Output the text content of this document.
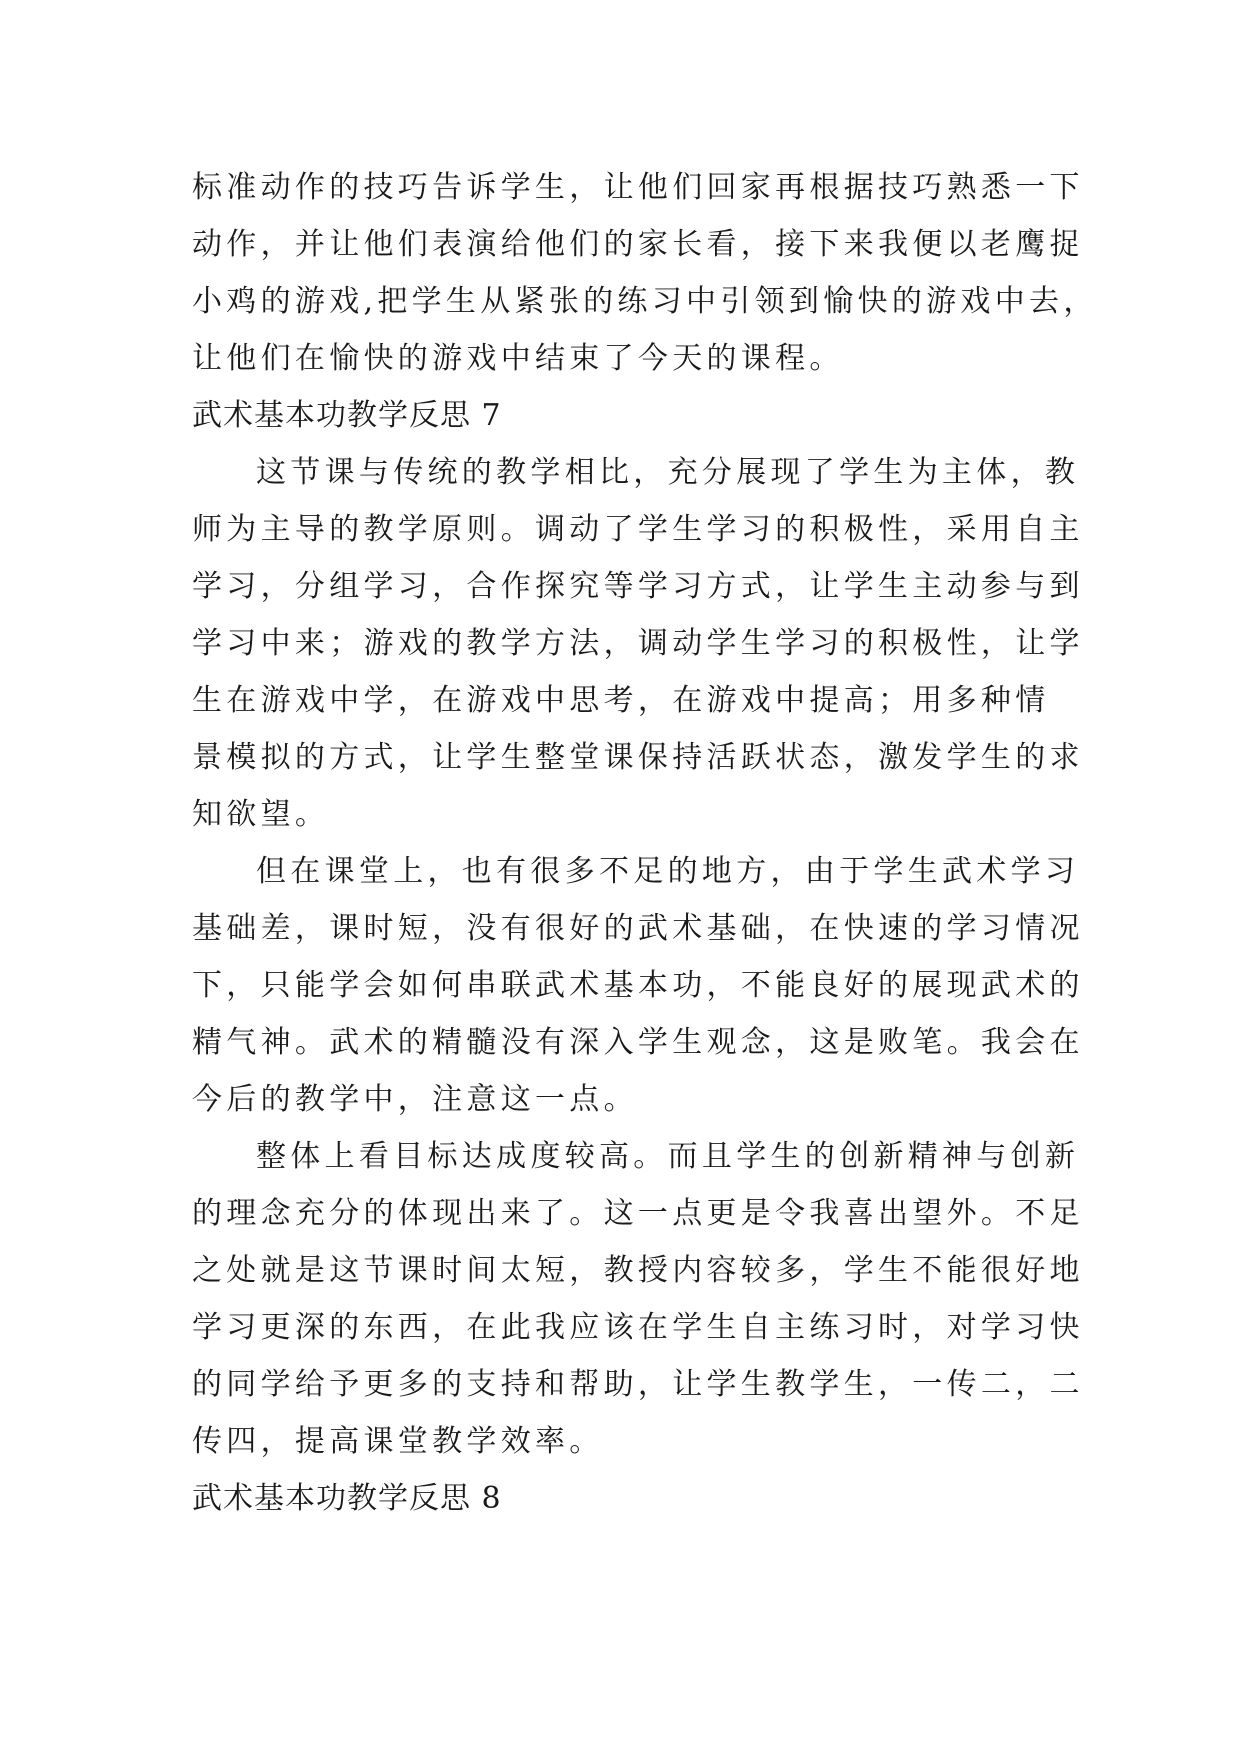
标准动作的技巧告诉学生，让他们回家再根据技巧熟悉一下
动作，并让他们表演给他们的家长看，接下来我便以老鹰捉
小鸡的游戏,把学生从紧张的练习中引领到愉快的游戏中去，
让他们在愉快的游戏中结束了今天的课程。
武术基本功教学反思 7
这节课与传统的教学相比，充分展现了学生为主体，教
师为主导的教学原则。调动了学生学习的积极性，采用自主
学习，分组学习，合作探究等学习方式，让学生主动参与到
学习中来；游戏的教学方法，调动学生学习的积极性，让学
生在游戏中学，在游戏中思考，在游戏中提高；用多种情
景模拟的方式，让学生整堂课保持活跃状态，激发学生的求
知欲望。
但在课堂上，也有很多不足的地方，由于学生武术学习
基础差，课时短，没有很好的武术基础，在快速的学习情况
下，只能学会如何串联武术基本功，不能良好的展现武术的
精气神。武术的精髓没有深入学生观念，这是败笔。我会在
今后的教学中，注意这一点。
整体上看目标达成度较高。而且学生的创新精神与创新
的理念充分的体现出来了。这一点更是令我喜出望外。不足
之处就是这节课时间太短，教授内容较多，学生不能很好地
学习更深的东西，在此我应该在学生自主练习时，对学习快
的同学给予更多的支持和帮助，让学生教学生，一传二，二
传四，提高课堂教学效率。
武术基本功教学反思 8
